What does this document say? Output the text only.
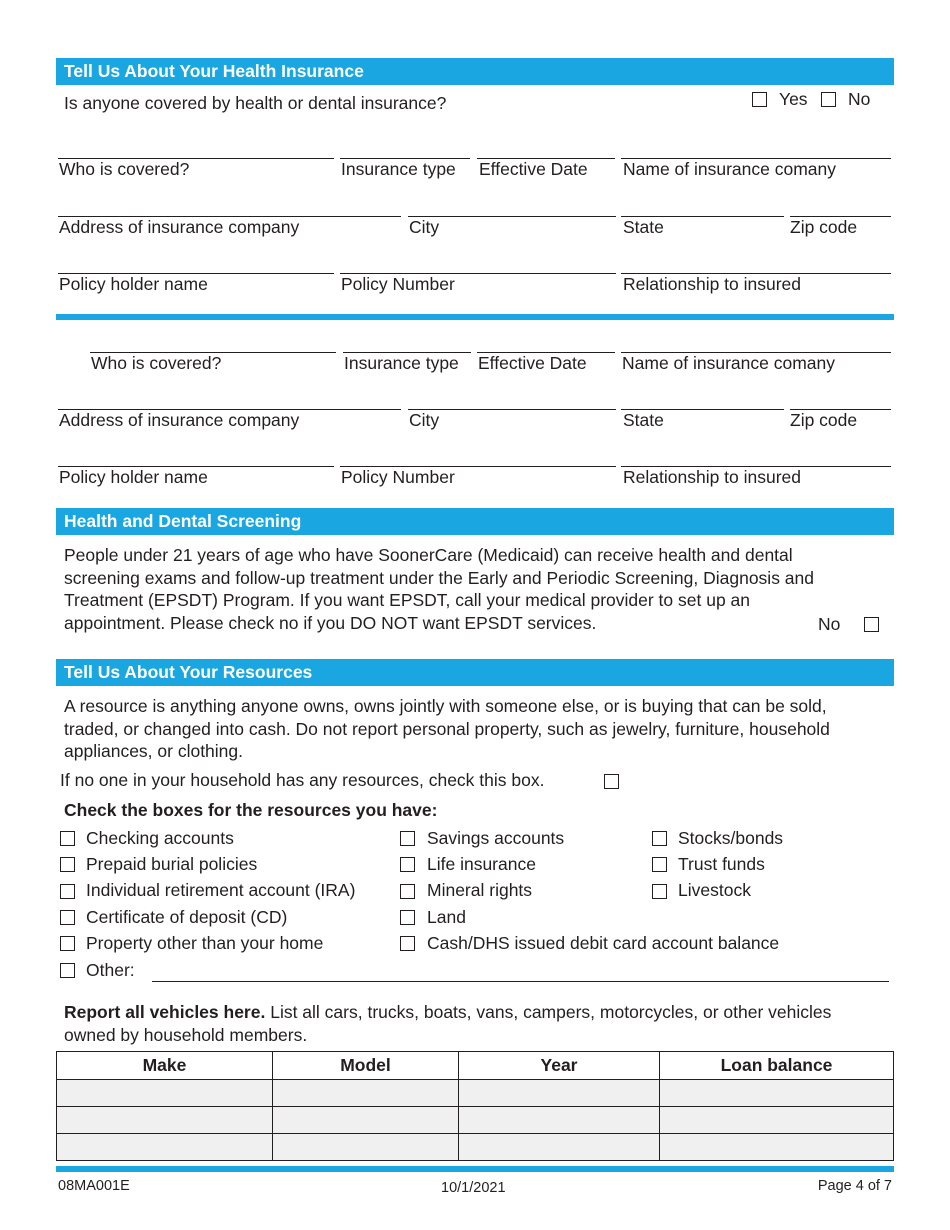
Tell Us About Your Health Insurance
Is anyone covered by health or dental insurance?	Yes No
Who is covered?	Insurance type Effective Date Name of insurance comany
Address of insurance company	City	State	Zip code
Policy holder name	Policy Number	Relationship to insured
Who is covered?	Insurance type Effective Date Name of insurance comany
Address of insurance company	City	State	Zip code
Policy holder name	Policy Number	Relationship to insured
Health and Dental Screening
People under 21 years of age who have SoonerCare (Medicaid) can receive health and dental
screening exams and follow-up treatment under the Early and Periodic Screening, Diagnosis and
Treatment (EPSDT) Program. If you want EPSDT, call your medical provider to set up an
appointment. Please check no if you DO NOT want EPSDT services.	No
Tell Us About Your Resources
A resource is anything anyone owns, owns jointly with someone else, or is buying that can be sold,
traded, or changed into cash. Do not report personal property, such as jewelry, furniture, household
appliances, or clothing.
If no one in your household has any resources, check this box.
Check the boxes for the resources you have:
Checking accounts
Prepaid burial policies
Individual retirement account (IRA)
Certificate of deposit (CD)
Property other than your home
Other:
Savings accounts
Life insurance
Mineral rights
Land
Cash/DHS issued debit card account balance
Stocks/bonds
Trust funds
Livestock
Report all vehicles here. List all cars, trucks, boats, vans, campers, motorcycles, or other vehicles
owned by household members.
Make	Model	Year	Loan balance

08MA001E	10/1/2021	Page 4 of 7
